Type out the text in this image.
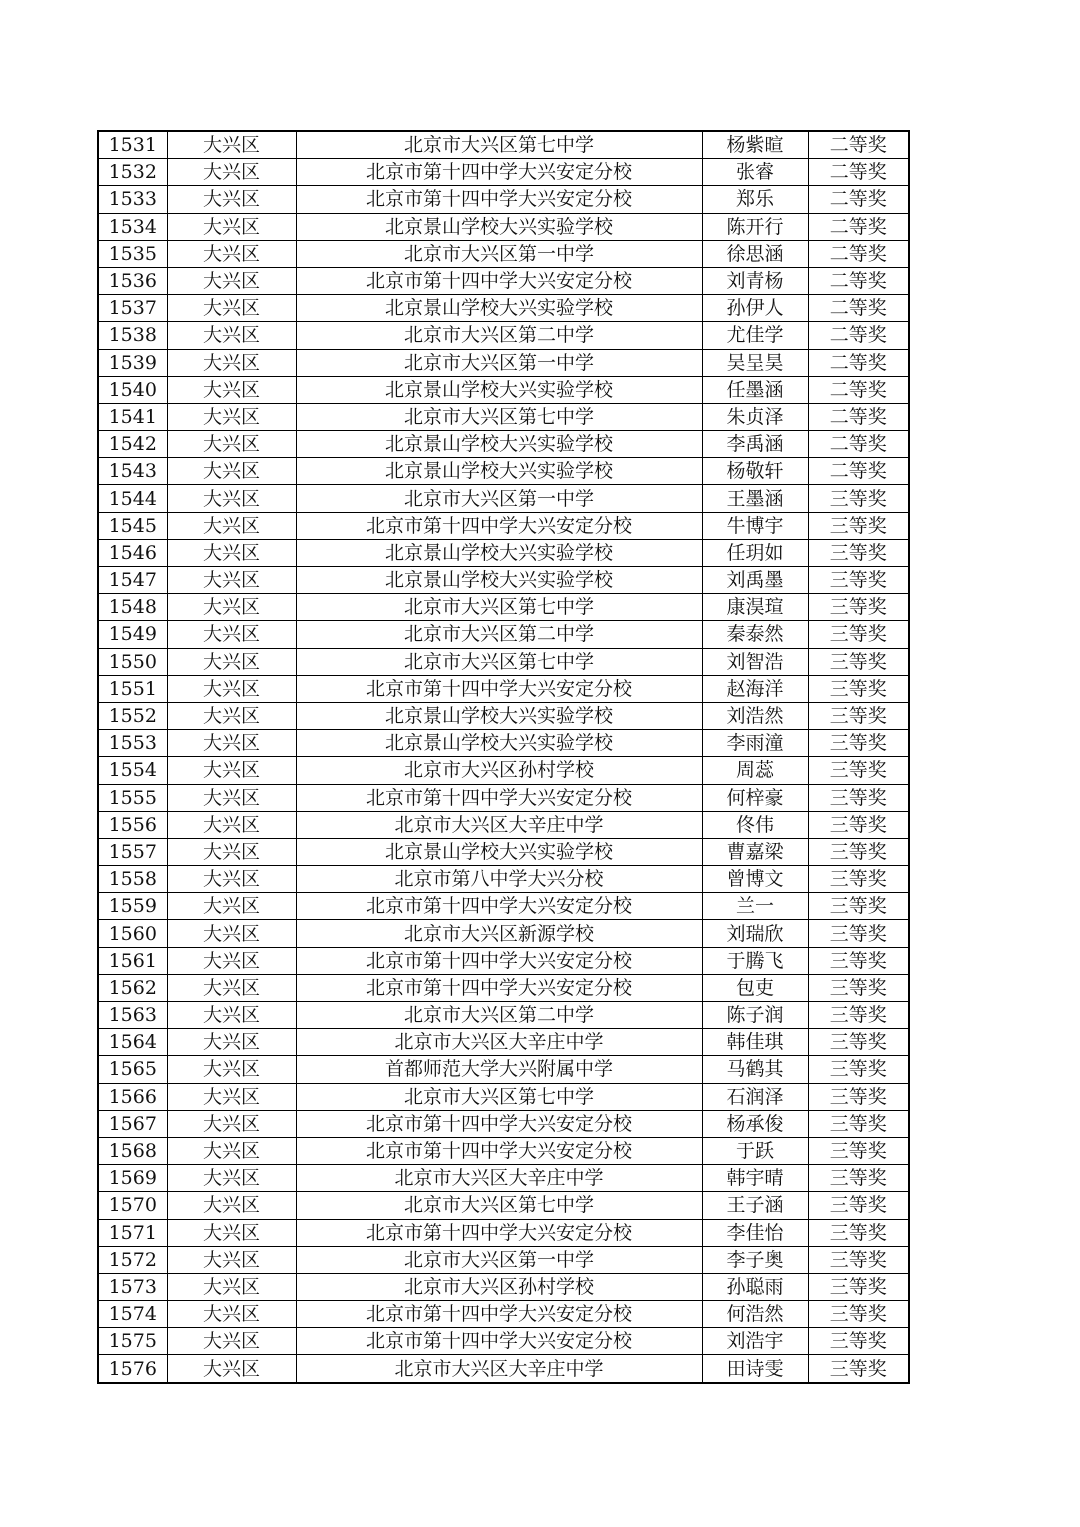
1531	大兴区	北京市大兴区第七中学	杨紫暄	二等奖
1532	大兴区	北京市第十四中学大兴安定分校	张睿	二等奖
1533	大兴区	北京市第十四中学大兴安定分校	郑乐	二等奖
1534	大兴区	北京景山学校大兴实验学校	陈开行	二等奖
1535	大兴区	北京市大兴区第一中学	徐思涵	二等奖
1536	大兴区	北京市第十四中学大兴安定分校	刘青杨	二等奖
1537	大兴区	北京景山学校大兴实验学校	孙伊人	二等奖
1538	大兴区	北京市大兴区第二中学	尤佳学	二等奖
1539	大兴区	北京市大兴区第一中学	吴呈昊	二等奖
1540	大兴区	北京景山学校大兴实验学校	任墨涵	二等奖
1541	大兴区	北京市大兴区第七中学	朱贞泽	二等奖
1542	大兴区	北京景山学校大兴实验学校	李禹涵	二等奖
1543	大兴区	北京景山学校大兴实验学校	杨敬轩	二等奖
1544	大兴区	北京市大兴区第一中学	王墨涵	三等奖
1545	大兴区	北京市第十四中学大兴安定分校	牛博宇	三等奖
1546	大兴区	北京景山学校大兴实验学校	任玥如	三等奖
1547	大兴区	北京景山学校大兴实验学校	刘禹墨	三等奖
1548	大兴区	北京市大兴区第七中学	康淏瑄	三等奖
1549	大兴区	北京市大兴区第二中学	秦泰然	三等奖
1550	大兴区	北京市大兴区第七中学	刘智浩	三等奖
1551	大兴区	北京市第十四中学大兴安定分校	赵海洋	三等奖
1552	大兴区	北京景山学校大兴实验学校	刘浩然	三等奖
1553	大兴区	北京景山学校大兴实验学校	李雨潼	三等奖
1554	大兴区	北京市大兴区孙村学校	周蕊	三等奖
1555	大兴区	北京市第十四中学大兴安定分校	何梓豪	三等奖
1556	大兴区	北京市大兴区大辛庄中学	佟伟	三等奖
1557	大兴区	北京景山学校大兴实验学校	曹嘉梁	三等奖
1558	大兴区	北京市第八中学大兴分校	曾博文	三等奖
1559	大兴区	北京市第十四中学大兴安定分校	兰一	三等奖
1560	大兴区	北京市大兴区新源学校	刘瑞欣	三等奖
1561	大兴区	北京市第十四中学大兴安定分校	于腾飞	三等奖
1562	大兴区	北京市第十四中学大兴安定分校	包吏	三等奖
1563	大兴区	北京市大兴区第二中学	陈子润	三等奖
1564	大兴区	北京市大兴区大辛庄中学	韩佳琪	三等奖
1565	大兴区	首都师范大学大兴附属中学	马鹤其	三等奖
1566	大兴区	北京市大兴区第七中学	石润泽	三等奖
1567	大兴区	北京市第十四中学大兴安定分校	杨承俊	三等奖
1568	大兴区	北京市第十四中学大兴安定分校	于跃	三等奖
1569	大兴区	北京市大兴区大辛庄中学	韩宇晴	三等奖
1570	大兴区	北京市大兴区第七中学	王子涵	三等奖
1571	大兴区	北京市第十四中学大兴安定分校	李佳怡	三等奖
1572	大兴区	北京市大兴区第一中学	李子奥	三等奖
1573	大兴区	北京市大兴区孙村学校	孙聪雨	三等奖
1574	大兴区	北京市第十四中学大兴安定分校	何浩然	三等奖
1575	大兴区	北京市第十四中学大兴安定分校	刘浩宇	三等奖
1576	大兴区	北京市大兴区大辛庄中学	田诗雯	三等奖
